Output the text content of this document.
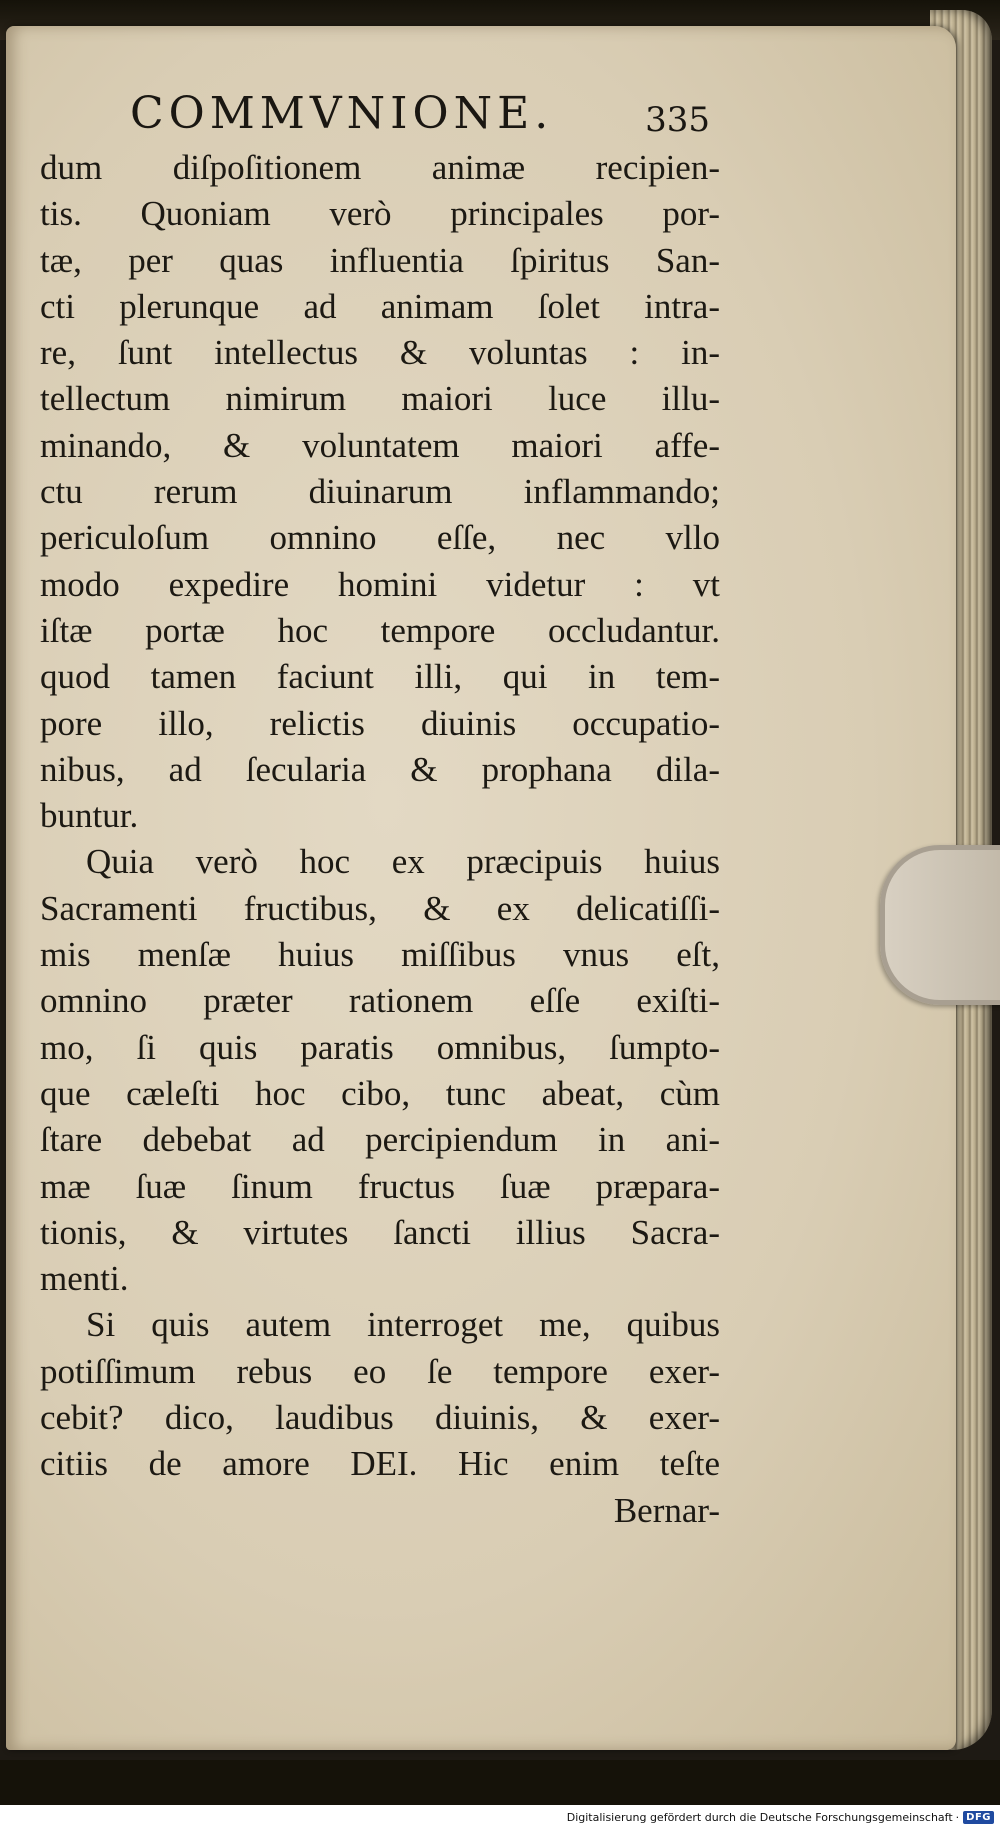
COMMVNIONE.	335
dum diſpoſitionem animæ recipien-
tis. Quoniam verò principales por-
tæ, per quas influentia ſpiritus San-
cti plerunque ad animam ſolet intra-
re, ſunt intellectus & voluntas : in-
tellectum nimirum maiori luce illu-
minando, & voluntatem maiori affe-
ctu rerum diuinarum inflammando;
periculoſum omnino eſſe, nec vllo
modo expedire homini videtur : vt
iſtæ portæ hoc tempore occludantur.
quod tamen faciunt illi, qui in tem-
pore illo, relictis diuinis occupatio-
nibus, ad ſecularia & prophana dila-
buntur.
Quia verò hoc ex præcipuis huius
Sacramenti fructibus, & ex delicatiſſi-
mis menſæ huius miſſibus vnus eſt,
omnino præter rationem eſſe exiſti-
mo, ſi quis paratis omnibus, ſumpto-
que cæleſti hoc cibo, tunc abeat, cùm
ſtare debebat ad percipiendum in ani-
mæ ſuæ ſinum fructus ſuæ præpara-
tionis, & virtutes ſancti illius Sacra-
menti.
Si quis autem interroget me, quibus
potiſſimum rebus eo ſe tempore exer-
cebit? dico, laudibus diuinis, & exer-
citiis de amore DEI. Hic enim teſte
Bernar-
Digitalisierung gefördert durch die Deutsche Forschungsgemeinschaft · DFG
